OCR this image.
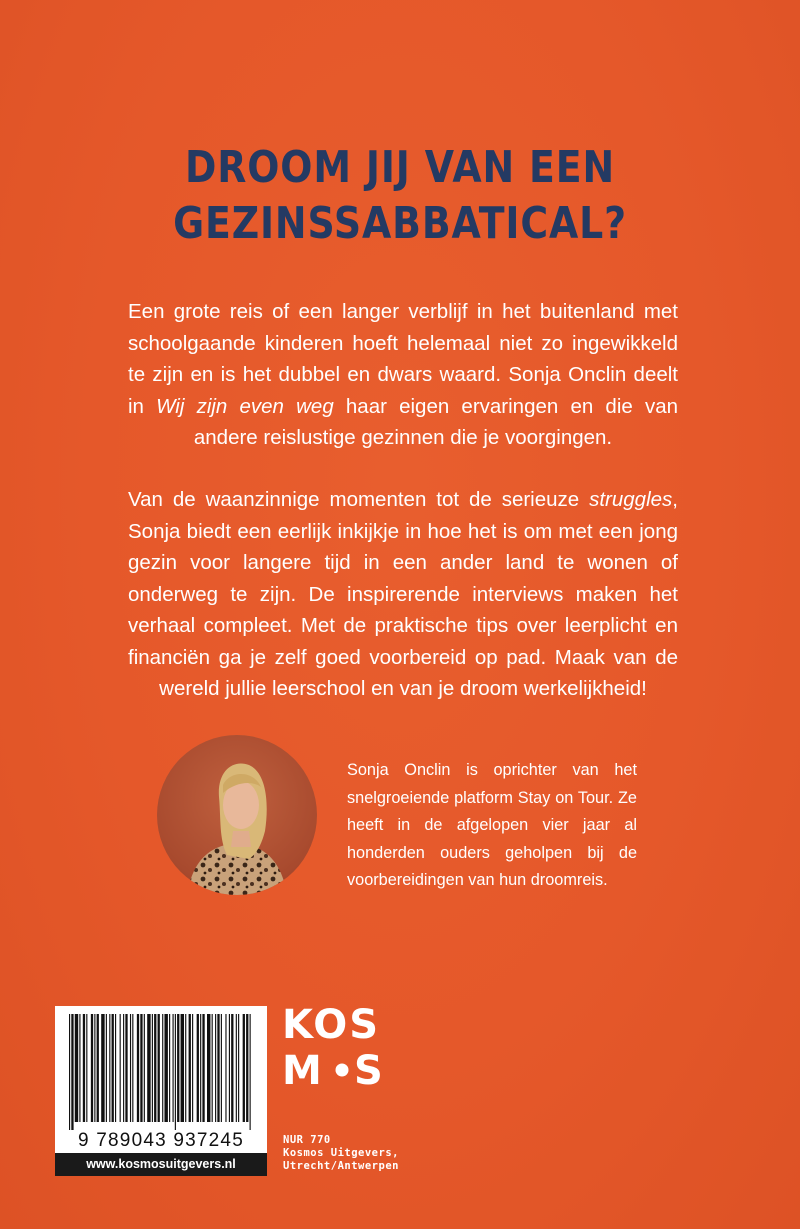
DROOM JIJ VAN EEN
GEZINSSABBATICAL?

Een grote reis of een langer verblijf in het buitenland met schoolgaande kinderen hoeft helemaal niet zo ingewikkeld te zijn en is het dubbel en dwars waard. Sonja Onclin deelt in Wij zijn even weg haar eigen ervaringen en die van andere reislustige gezinnen die je voorgingen.

Van de waanzinnige momenten tot de serieuze struggles, Sonja biedt een eerlijk inkijkje in hoe het is om met een jong gezin voor langere tijd in een ander land te wonen of onderweg te zijn. De inspirerende interviews maken het verhaal compleet. Met de praktische tips over leerplicht en financiën ga je zelf goed voorbereid op pad. Maak van de wereld jullie leerschool en van je droom werkelijkheid!

Sonja Onclin is oprichter van het snelgroeiende platform Stay on Tour. Ze heeft in de afgelopen vier jaar al honderden ouders geholpen bij de voorbereidingen van hun droomreis.

9 789043 937245
www.kosmosuitgevers.nl
KOS
M S
NUR 770
Kosmos Uitgevers,
Utrecht/Antwerpen
